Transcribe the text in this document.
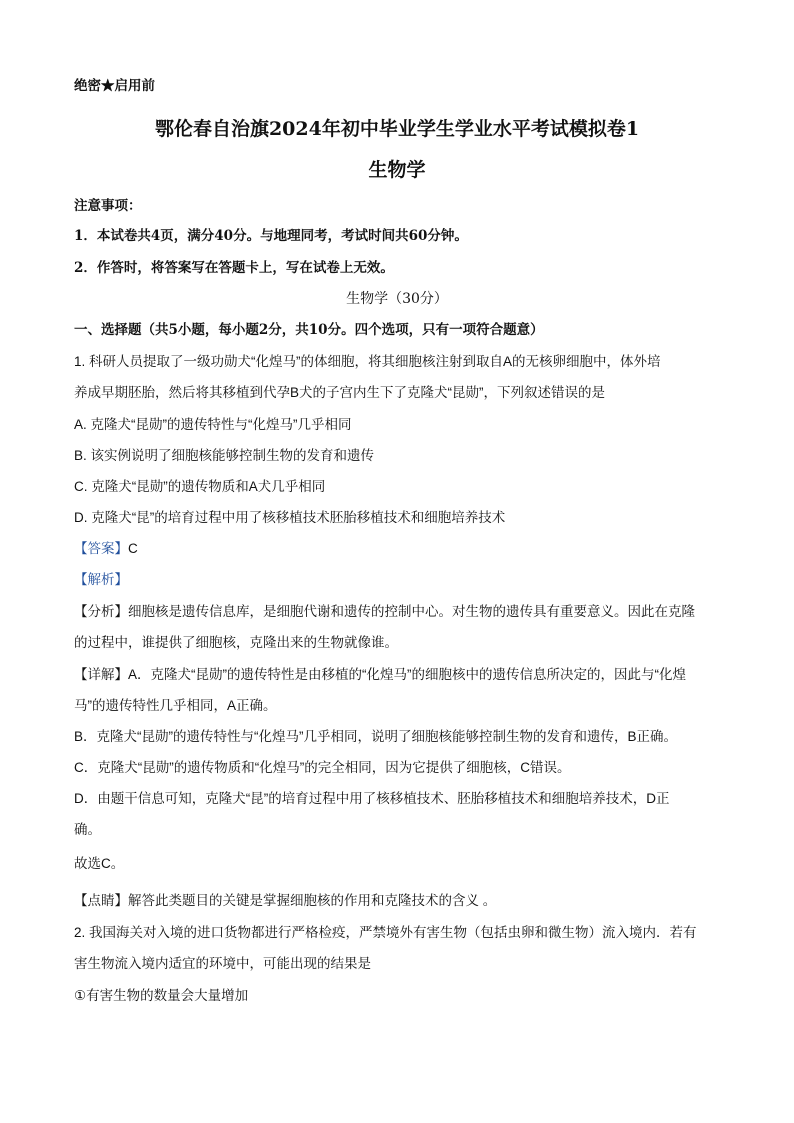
绝密★启用前
鄂伦春自治旗2024年初中毕业学生学业水平考试模拟卷1
生物学
注意事项：
1．本试卷共4页，满分40分。与地理同考，考试时间共60分钟。
2．作答时，将答案写在答题卡上，写在试卷上无效。
生物学（30分）
一、选择题（共5小题，每小题2分，共10分。四个选项，只有一项符合题意）
1. 科研人员提取了一级功勋犬“化煌马”的体细胞，将其细胞核注射到取自A的无核卵细胞中，体外培
养成早期胚胎，然后将其移植到代孕B犬的子宫内生下了克隆犬“昆勋”，下列叙述错误的是
A. 克隆犬“昆勋”的遗传特性与“化煌马”几乎相同
B. 该实例说明了细胞核能够控制生物的发育和遗传
C. 克隆犬“昆勋”的遗传物质和A犬几乎相同
D. 克隆犬“昆”的培育过程中用了核移植技术胚胎移植技术和细胞培养技术
【答案】C
【解析】
【分析】细胞核是遗传信息库，是细胞代谢和遗传的控制中心。对生物的遗传具有重要意义。因此在克隆
的过程中，谁提供了细胞核，克隆出来的生物就像谁。
【详解】A．克隆犬“昆勋”的遗传特性是由移植的“化煌马”的细胞核中的遗传信息所决定的，因此与“化煌
马”的遗传特性几乎相同，A正确。
B．克隆犬“昆勋”的遗传特性与“化煌马”几乎相同，说明了细胞核能够控制生物的发育和遗传，B正确。
C．克隆犬“昆勋”的遗传物质和“化煌马”的完全相同，因为它提供了细胞核，C错误。
D．由题干信息可知，克隆犬“昆”的培育过程中用了核移植技术、胚胎移植技术和细胞培养技术，D正
确。
故选C。
【点睛】解答此类题目的关键是掌握细胞核的作用和克隆技术的含义 。
2. 我国海关对入境的进口货物都进行严格检疫，严禁境外有害生物（包括虫卵和微生物）流入境内．若有
害生物流入境内适宜的环境中，可能出现的结果是
①有害生物的数量会大量增加
